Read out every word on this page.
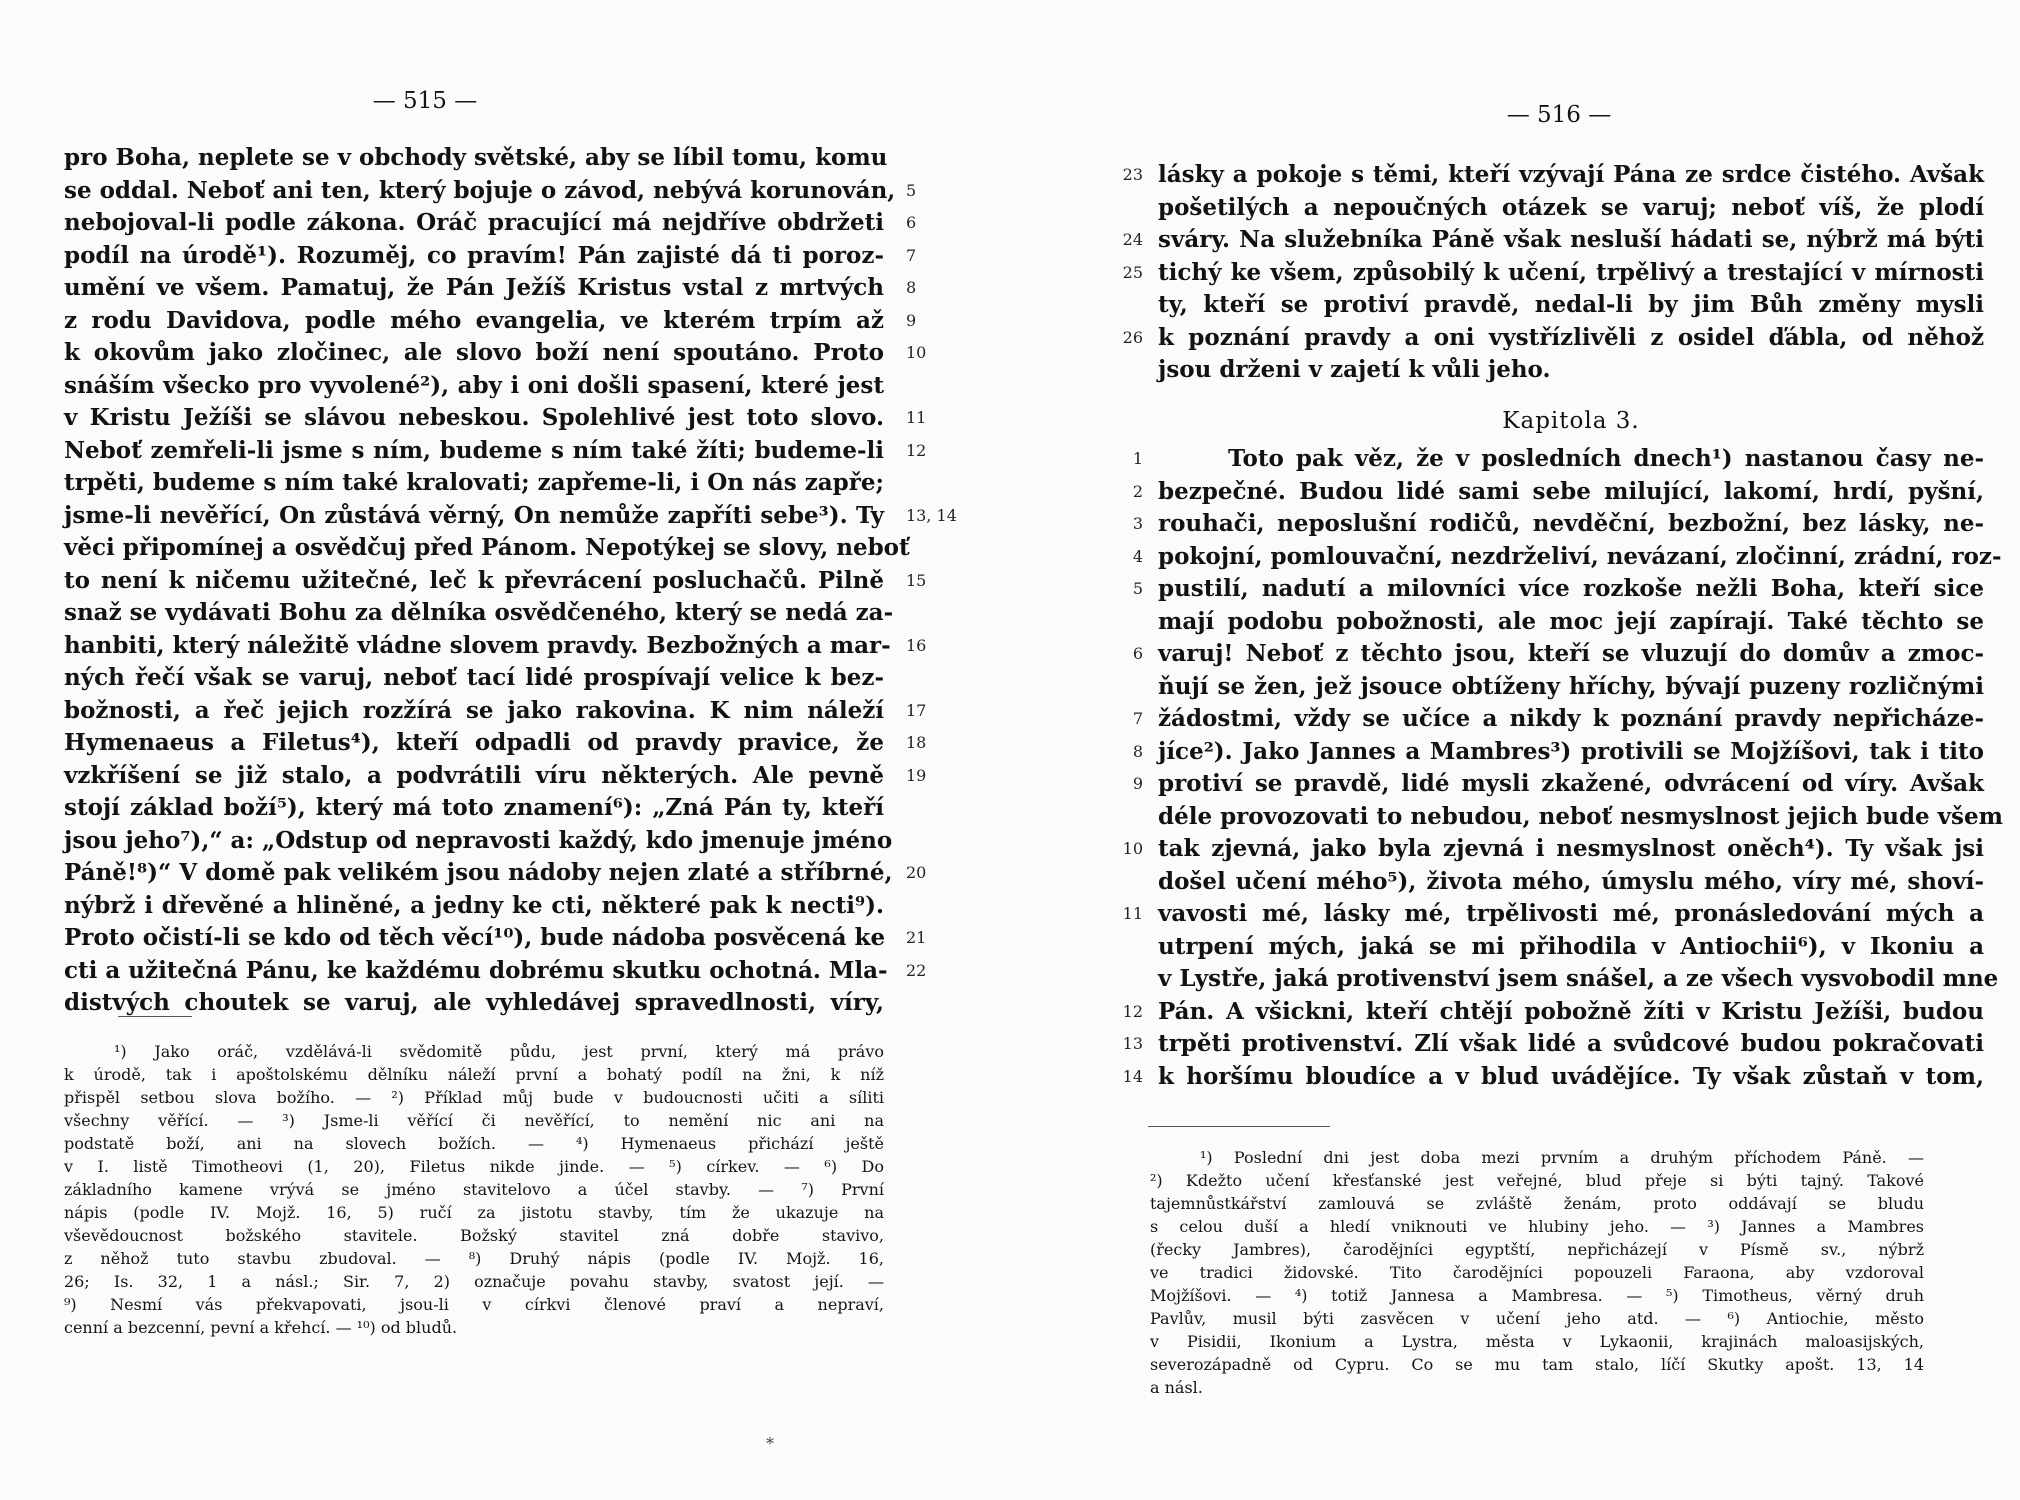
— 515 —
pro Boha, neplete se v obchody světské, aby se líbil tomu, komu
5
se oddal. Neboť ani ten, který bojuje o závod, nebývá korunován,
6
nebojoval-li podle zákona. Oráč pracující má nejdříve obdržeti
7
podíl na úrodě¹). Rozuměj, co pravím! Pán zajisté dá ti poroz-
8
umění ve všem. Pamatuj, že Pán Ježíš Kristus vstal z mrtvých
9
z rodu Davidova, podle mého evangelia, ve kterém trpím až
10
k okovům jako zločinec, ale slovo boží není spoutáno. Proto
snáším všecko pro vyvolené²), aby i oni došli spasení, které jest
11
v Kristu Ježíši se slávou nebeskou. Spolehlivé jest toto slovo.
12
Neboť zemřeli-li jsme s ním, budeme s ním také žíti; budeme-li
trpěti, budeme s ním také kralovati; zapřeme-li, i On nás zapře;
13, 14
jsme-li nevěřící, On zůstává věrný, On nemůže zapříti sebe³). Ty
věci připomínej a osvědčuj před Pánom. Nepotýkej se slovy, neboť
15
to není k ničemu užitečné, leč k převrácení posluchačů. Pilně
snaž se vydávati Bohu za dělníka osvědčeného, který se nedá za-
16
hanbiti, který náležitě vládne slovem pravdy. Bezbožných a mar-
ných řečí však se varuj, neboť tací lidé prospívají velice k bez-
17
božnosti, a řeč jejich rozžírá se jako rakovina. K nim náleží
18
Hymenaeus a Filetus⁴), kteří odpadli od pravdy pravice, že
19
vzkříšení se již stalo, a podvrátili víru některých. Ale pevně
stojí základ boží⁵), který má toto znamení⁶): „Zná Pán ty, kteří
jsou jeho⁷),“ a: „Odstup od nepravosti každý, kdo jmenuje jméno
20
Páně!⁸)“ V domě pak velikém jsou nádoby nejen zlaté a stříbrné,
nýbrž i dřevěné a hliněné, a jedny ke cti, některé pak k necti⁹).
21
Proto očistí-li se kdo od těch věcí¹⁰), bude nádoba posvěcená ke
22
cti a užitečná Pánu, ke každému dobrému skutku ochotná. Mla-
distvých choutek se varuj, ale vyhledávej spravedlnosti, víry,
¹) Jako oráč, vzdělává-li svědomitě půdu, jest první, který má právo
k úrodě, tak i apoštolskému dělníku náleží první a bohatý podíl na žni, k níž
přispěl setbou slova božího. — ²) Příklad můj bude v budoucnosti učiti a síliti
všechny věřící. — ³) Jsme-li věřící či nevěřící, to nemění nic ani na
podstatě boží, ani na slovech božích. — ⁴) Hymenaeus přichází ještě
v I. listě Timotheovi (1, 20), Filetus nikde jinde. — ⁵) církev. — ⁶) Do
základního kamene vrývá se jméno stavitelovo a účel stavby. — ⁷) První
nápis (podle IV. Mojž. 16, 5) ručí za jistotu stavby, tím že ukazuje na
vševědoucnost božského stavitele. Božský stavitel zná dobře stavivo,
z něhož tuto stavbu zbudoval. — ⁸) Druhý nápis (podle IV. Mojž. 16,
26; Is. 32, 1 a násl.; Sir. 7, 2) označuje povahu stavby, svatost její. —
⁹) Nesmí vás překvapovati, jsou-li v církvi členové praví a nepraví,
cenní a bezcenní, pevní a křehcí. — ¹⁰) od bludů.
*
— 516 —
23 lásky a pokoje s těmi, kteří vzývají Pána ze srdce čistého. Avšak
pošetilých a nepoučných otázek se varuj; neboť víš, že plodí
24 sváry. Na služebníka Páně však nesluší hádati se, nýbrž má býti
25 tichý ke všem, způsobilý k učení, trpělivý a trestající v mírnosti
ty, kteří se protiví pravdě, nedal-li by jim Bůh změny mysli
26 k poznání pravdy a oni vystřízlivěli z osidel ďábla, od něhož
jsou drženi v zajetí k vůli jeho.
Kapitola 3.
1	Toto pak věz, že v posledních dnech¹) nastanou časy ne-
2 bezpečné. Budou lidé sami sebe milující, lakomí, hrdí, pyšní,
3 rouhači, neposlušní rodičů, nevděční, bezbožní, bez lásky, ne-
4 pokojní, pomlouvační, nezdrželiví, nevázaní, zločinní, zrádní, roz-
5 pustilí, nadutí a milovníci více rozkoše nežli Boha, kteří sice
mají podobu pobožnosti, ale moc její zapírají. Také těchto se
6 varuj! Neboť z těchto jsou, kteří se vluzují do domův a zmoc-
ňují se žen, jež jsouce obtíženy hříchy, bývají puzeny rozličnými
7 žádostmi, vždy se učíce a nikdy k poznání pravdy nepřicháze-
8 jíce²). Jako Jannes a Mambres³) protivili se Mojžíšovi, tak i tito
9 protiví se pravdě, lidé mysli zkažené, odvrácení od víry. Avšak
déle provozovati to nebudou, neboť nesmyslnost jejich bude všem
10 tak zjevná, jako byla zjevná i nesmyslnost oněch⁴). Ty však jsi
došel učení mého⁵), života mého, úmyslu mého, víry mé, shoví-
11 vavosti mé, lásky mé, trpělivosti mé, pronásledování mých a
utrpení mých, jaká se mi přihodila v Antiochii⁶), v Ikoniu a
v Lystře, jaká protivenství jsem snášel, a ze všech vysvobodil mne
12 Pán. A všickni, kteří chtějí pobožně žíti v Kristu Ježíši, budou
13 trpěti protivenství. Zlí však lidé a svůdcové budou pokračovati
14 k horšímu bloudíce a v blud uvádějíce. Ty však zůstaň v tom,
¹) Poslední dni jest doba mezi prvním a druhým příchodem Páně. —
²) Kdežto učení křesťanské jest veřejné, blud přeje si býti tajný. Takové
tajemnůstkářství zamlouvá se zvláště ženám, proto oddávají se bludu
s celou duší a hledí vniknouti ve hlubiny jeho. — ³) Jannes a Mambres
(řecky Jambres), čarodějníci egyptští, nepřicházejí v Písmě sv., nýbrž
ve tradici židovské. Tito čarodějníci popouzeli Faraona, aby vzdoroval
Mojžíšovi. — ⁴) totiž Jannesa a Mambresa. — ⁵) Timotheus, věrný druh
Pavlův, musil býti zasvěcen v učení jeho atd. — ⁶) Antiochie, město
v Pisidii, Ikonium a Lystra, města v Lykaonii, krajinách maloasijských,
severozápadně od Cypru. Co se mu tam stalo, líčí Skutky apošt. 13, 14
a násl.
